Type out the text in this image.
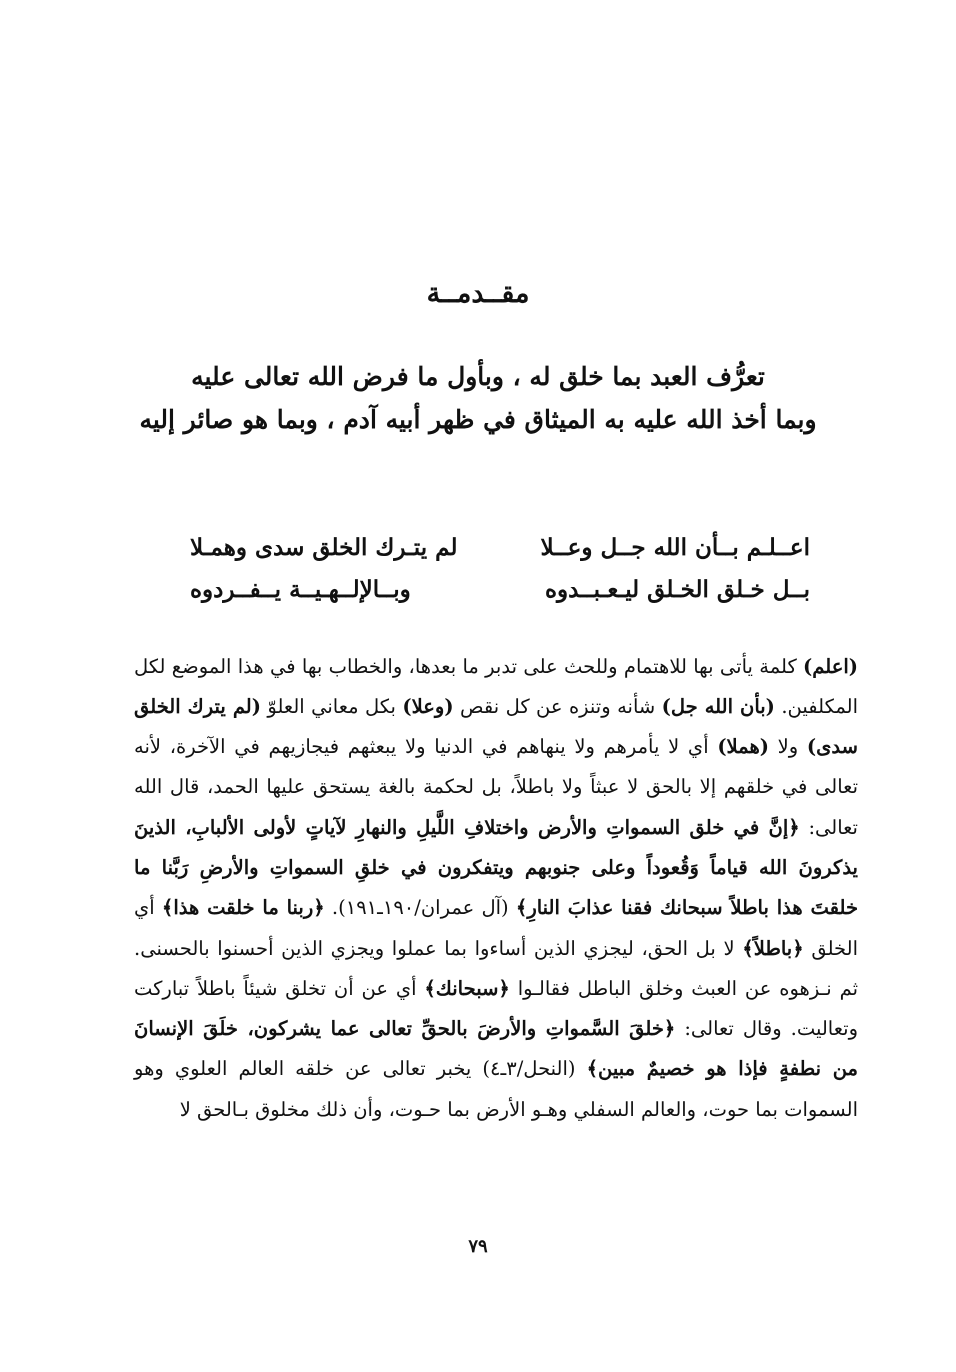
مقــدمــة
تعرُّف العبد بما خلق له ، وبأول ما فرض الله تعالى عليه
وبما أخذ الله عليه به الميثاق في ظهر أبيه آدم ، وبما هو صائر إليه
اعــلـم بــأن الله جــل وعــلا
لم يتـرك الخلق سدى وهمـلا
بــل خـلق الخـلق ليـعـبــدوه
وبــالإلــهـيــة يــفــردوه

(اعلم) كلمة يأتى بها للاهتمام وللحث على تدبر ما بعدها، والخطاب بها في هذا الموضع لكل المكلفين. (بأن الله جل) شأنه وتنزه عن كل نقص (وعلا) بكل معاني العلوّ (لم يترك الخلق سدى) ولا (هملا) أي لا يأمرهم ولا ينهاهم في الدنيا ولا يبعثهم فيجازيهم في الآخرة، لأنه تعالى في خلقهم إلا بالحق لا عبثاً ولا باطلاً، بل لحكمة بالغة يستحق عليها الحمد، قال الله تعالى: ﴿إنَّ في خلق السمواتِ والأرض واختلافِ اللَّيلِ والنهارِ لآياتٍ لأولى الألبابِ، الذينَ يذكرونَ الله قياماً وَقُعوداً وعلى جنوبهم ويتفكرون في خلقِ السمواتِ والأرضِ رَبَّنا ما خلقتَ هذا باطلاً سبحانك فقنا عذابَ النارِ﴾ (آل عمران/١٩٠ـ١٩١). ﴿ربنا ما خلقت هذا﴾ أي الخلق ﴿باطلاً﴾ لا بل الحق، ليجزي الذين أساءوا بما عملوا ويجزي الذين أحسنوا بالحسنى. ثم نـزهوه عن العبث وخلق الباطل فقالـوا ﴿سبحانك﴾ أي عن أن تخلق شيئاً باطلاً تباركت وتعاليت. وقال تعالى: ﴿خلقَ السَّمواتِ والأرضَ بالحقِّ تعالى عما يشركون، خلَقَ الإنسانَ من نطفةٍ فإذا هو خصيمٌ مبين﴾ (النحل/٣ـ٤) يخبر تعالى عن خلقه العالم العلوي وهو السموات بما حوت، والعالم السفلي وهـو الأرض بما حـوت، وأن ذلك مخلوق بـالحق لا

٧٩
